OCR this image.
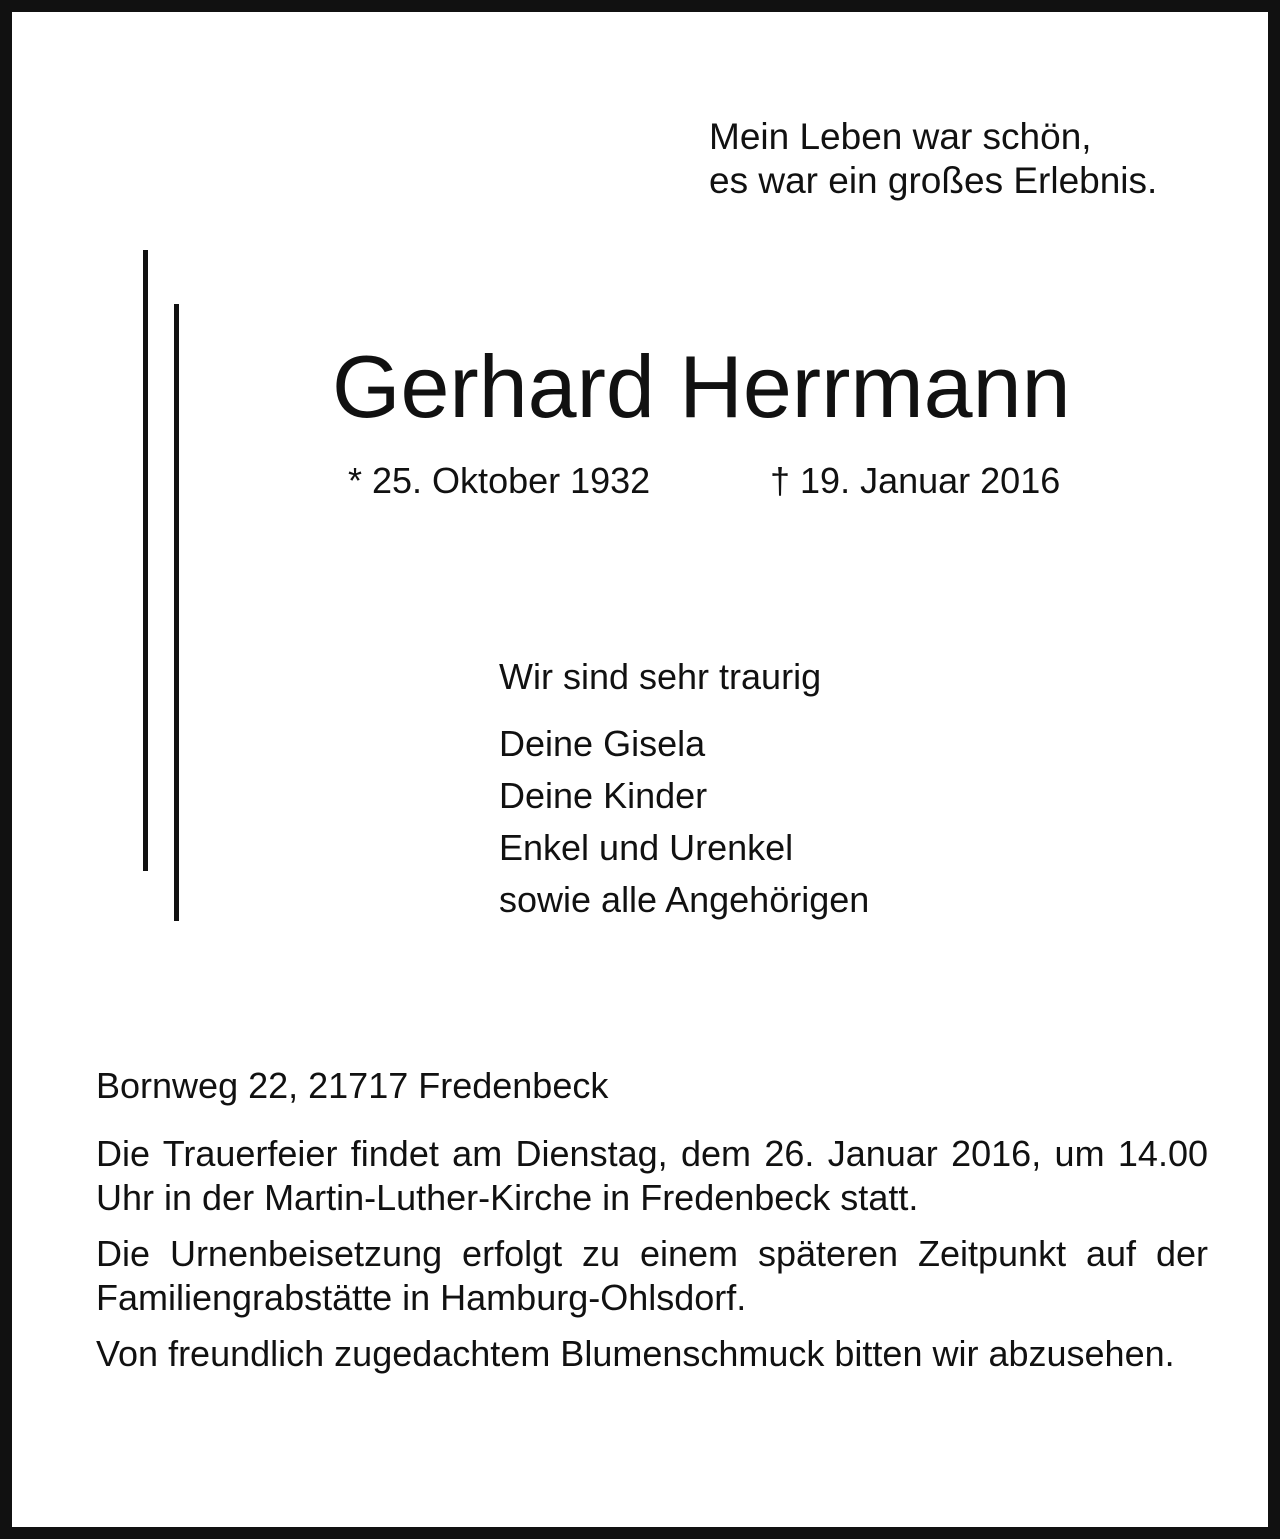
Mein Leben war schön,
es war ein großes Erlebnis.
Gerhard Herrmann
* 25. Oktober 1932	† 19. Januar 2016
Wir sind sehr traurig
Deine Gisela
Deine Kinder
Enkel und Urenkel
sowie alle Angehörigen
Bornweg 22, 21717 Fredenbeck

Die Trauerfeier findet am Dienstag, dem 26. Januar 2016, um 14.00 Uhr in der Martin-Luther-Kirche in Fredenbeck statt.

Die Urnenbeisetzung erfolgt zu einem späteren Zeitpunkt auf der Familiengrabstätte in Hamburg-Ohlsdorf.

Von freundlich zugedachtem Blumenschmuck bitten wir abzusehen.
